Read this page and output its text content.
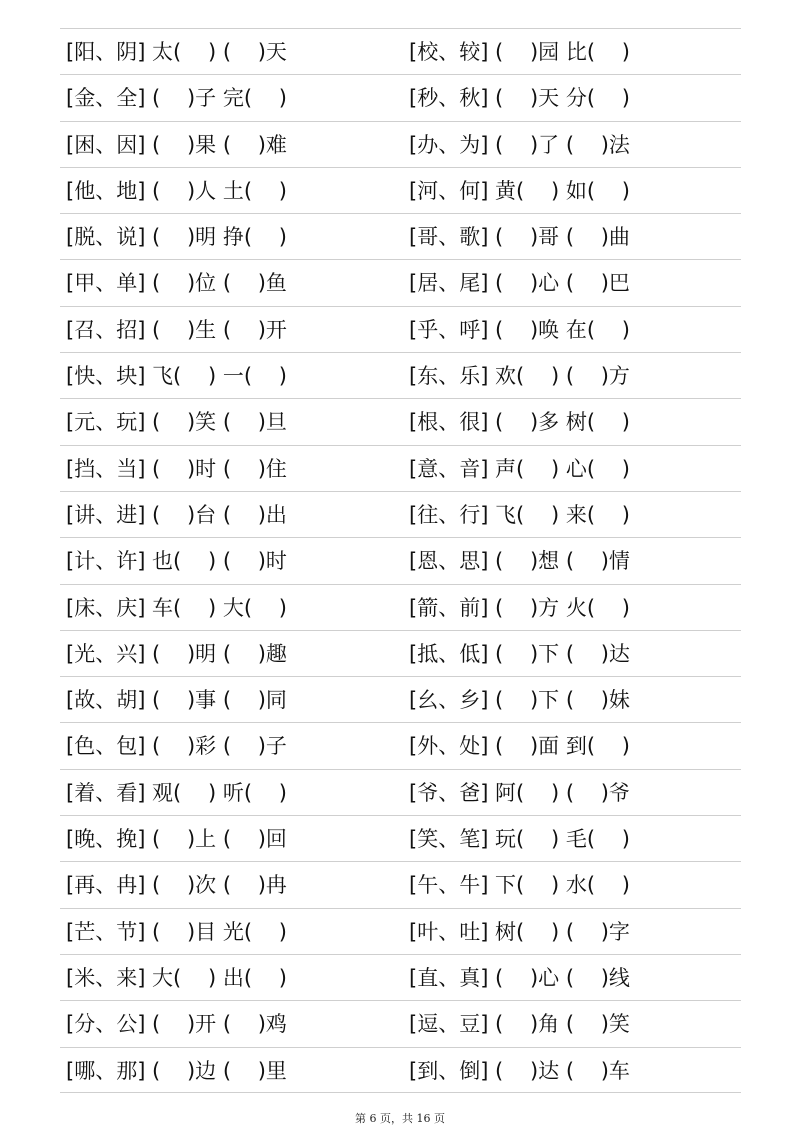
[阳、阴] 太(    ) (    )天	[校、较] (    )园 比(    )
[金、全] (    )子 完(    )	[秒、秋] (    )天 分(    )
[困、因] (    )果 (    )难	[办、为] (    )了 (    )法
[他、地] (    )人 土(    )	[河、何] 黄(    ) 如(    )
[脱、说] (    )明 挣(    )	[哥、歌] (    )哥 (    )曲
[甲、单] (    )位 (    )鱼	[居、尾] (    )心 (    )巴
[召、招] (    )生 (    )开	[乎、呼] (    )唤 在(    )
[快、块] 飞(    ) 一(    )	[东、乐] 欢(    ) (    )方
[元、玩] (    )笑 (    )旦	[根、很] (    )多 树(    )
[挡、当] (    )时 (    )住	[意、音] 声(    ) 心(    )
[讲、进] (    )台 (    )出	[往、行] 飞(    ) 来(    )
[计、许] 也(    ) (    )时	[恩、思] (    )想 (    )情
[床、庆] 车(    ) 大(    )	[箭、前] (    )方 火(    )
[光、兴] (    )明 (    )趣	[抵、低] (    )下 (    )达
[故、胡] (    )事 (    )同	[幺、乡] (    )下 (    )妹
[色、包] (    )彩 (    )子	[外、处] (    )面 到(    )
[着、看] 观(    ) 听(    )	[爷、爸] 阿(    ) (    )爷
[晚、挽] (    )上 (    )回	[笑、笔] 玩(    ) 毛(    )
[再、冉] (    )次 (    )冉	[午、牛] 下(    ) 水(    )
[芒、节] (    )目 光(    )	[叶、吐] 树(    ) (    )字
[米、来] 大(    ) 出(    )	[直、真] (    )心 (    )线
[分、公] (    )开 (    )鸡	[逗、豆] (    )角 (    )笑
[哪、那] (    )边 (    )里	[到、倒] (    )达 (    )车
第 6 页，共 16 页
